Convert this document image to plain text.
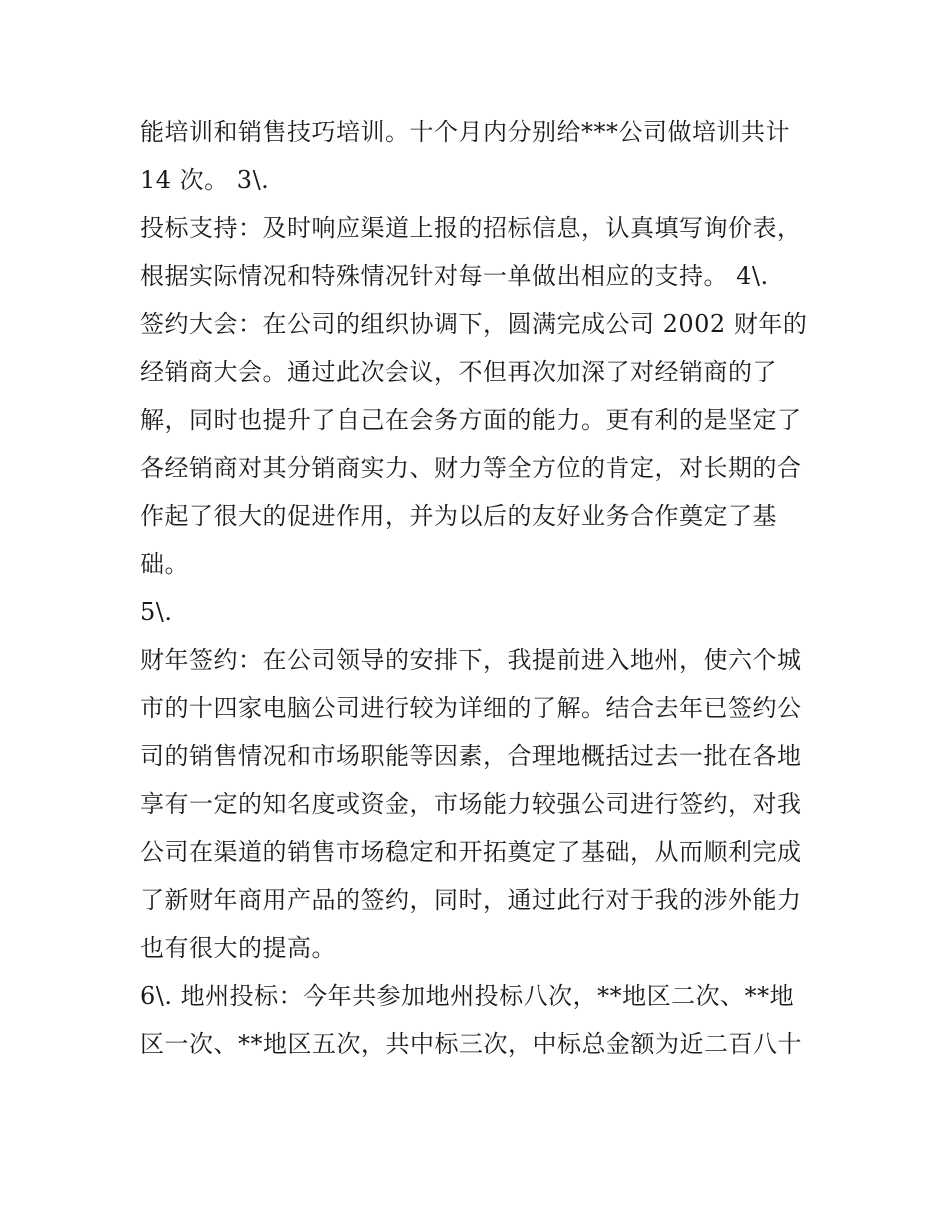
能培训和销售技巧培训。十个月内分别给***公司做培训共计
14 次。 3\.
投标支持：及时响应渠道上报的招标信息，认真填写询价表，
根据实际情况和特殊情况针对每一单做出相应的支持。 4\.
签约大会：在公司的组织协调下，圆满完成公司 2002 财年的
经销商大会。通过此次会议，不但再次加深了对经销商的了
解，同时也提升了自己在会务方面的能力。更有利的是坚定了
各经销商对其分销商实力、财力等全方位的肯定，对长期的合
作起了很大的促进作用，并为以后的友好业务合作奠定了基
础。
5\.
财年签约：在公司领导的安排下，我提前进入地州，使六个城
市的十四家电脑公司进行较为详细的了解。结合去年已签约公
司的销售情况和市场职能等因素，合理地概括过去一批在各地
享有一定的知名度或资金，市场能力较强公司进行签约，对我
公司在渠道的销售市场稳定和开拓奠定了基础，从而顺利完成
了新财年商用产品的签约，同时，通过此行对于我的涉外能力
也有很大的提高。
6\. 地州投标：今年共参加地州投标八次，**地区二次、**地
区一次、**地区五次，共中标三次，中标总金额为近二百八十
